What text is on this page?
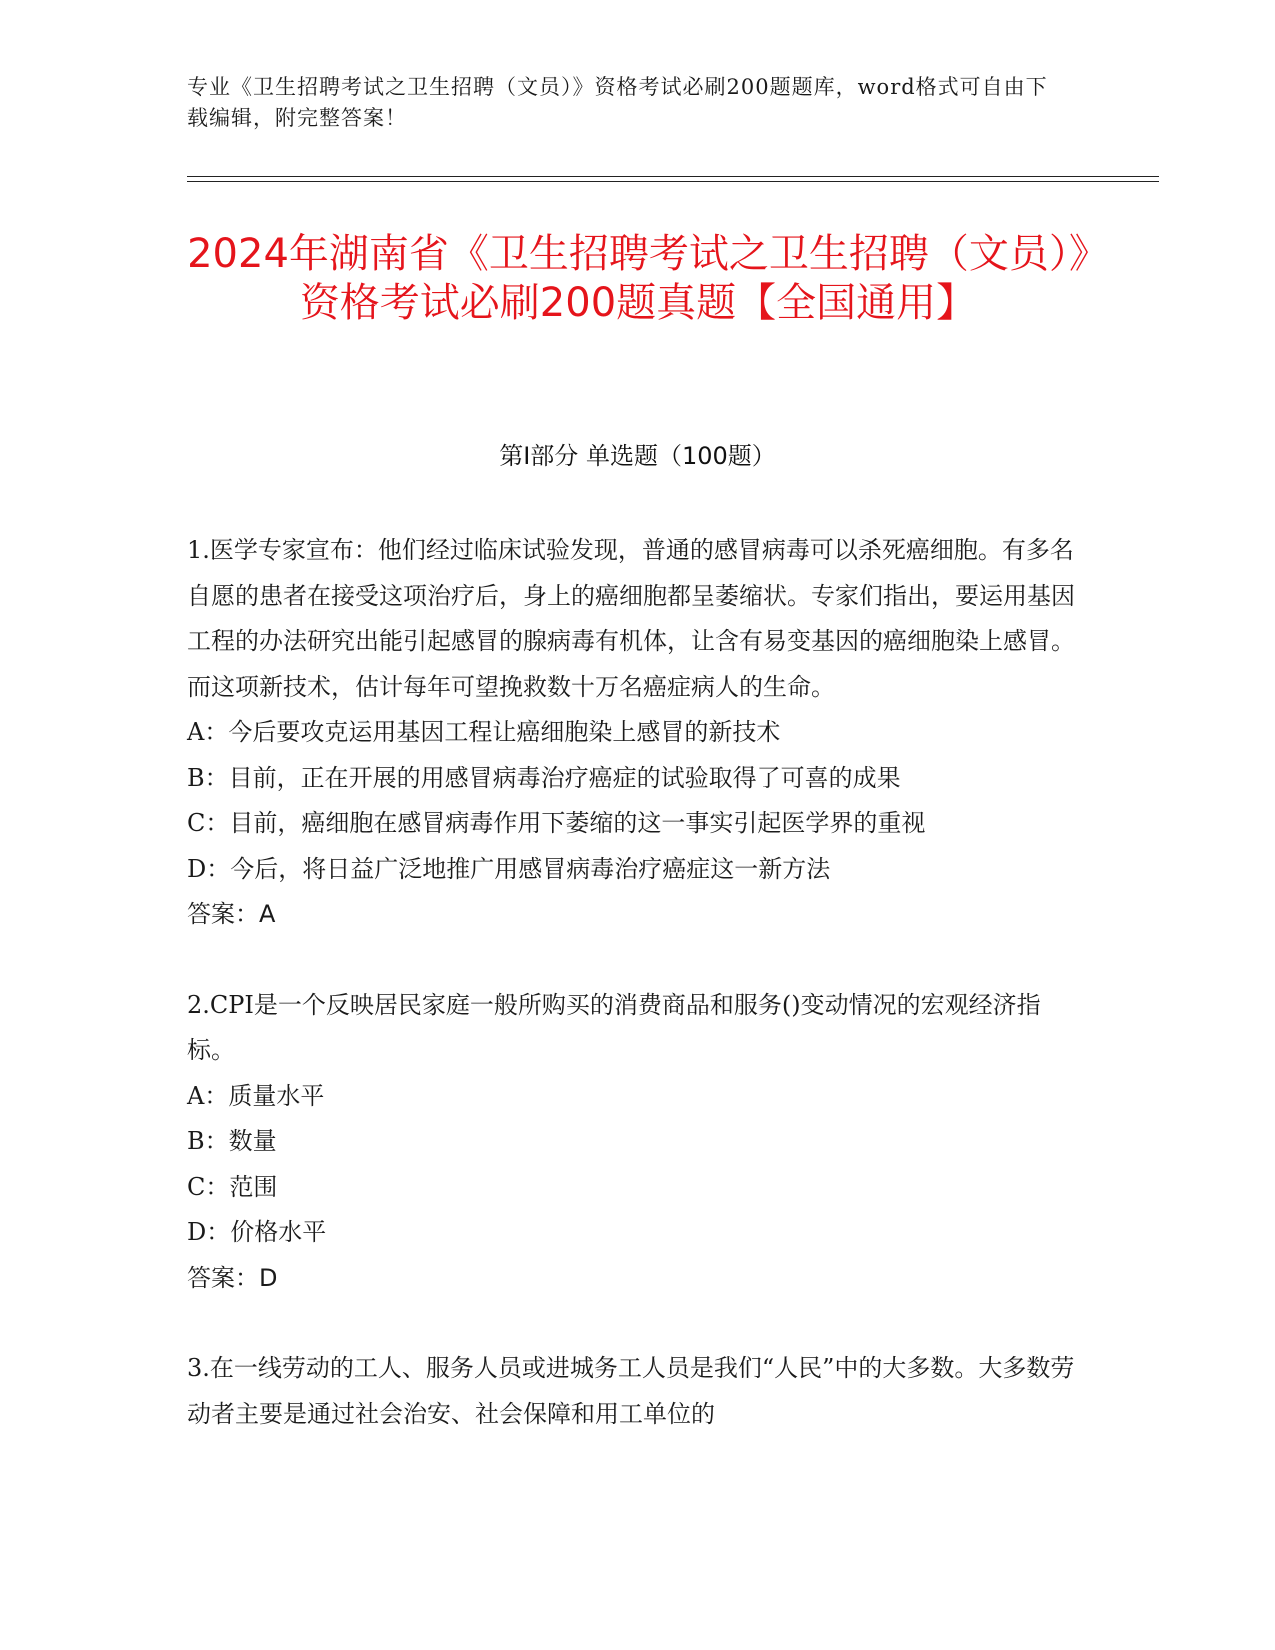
专业《卫生招聘考试之卫生招聘（文员）》资格考试必刷200题题库，word格式可自由下载编辑，附完整答案！
2024年湖南省《卫生招聘考试之卫生招聘（文员）》资格考试必刷200题真题【全国通用】
第I部分 单选题（100题）

1.医学专家宣布：他们经过临床试验发现，普通的感冒病毒可以杀死癌细胞。有多名自愿的患者在接受这项治疗后，身上的癌细胞都呈萎缩状。专家们指出，要运用基因工程的办法研究出能引起感冒的腺病毒有机体，让含有易变基因的癌细胞染上感冒。而这项新技术，估计每年可望挽救数十万名癌症病人的生命。

A：今后要攻克运用基因工程让癌细胞染上感冒的新技术

B：目前，正在开展的用感冒病毒治疗癌症的试验取得了可喜的成果

C：目前，癌细胞在感冒病毒作用下萎缩的这一事实引起医学界的重视

D：今后，将日益广泛地推广用感冒病毒治疗癌症这一新方法

答案：A

2.CPI是一个反映居民家庭一般所购买的消费商品和服务()变动情况的宏观经济指标。

A：质量水平

B：数量

C：范围

D：价格水平

答案：D

3.在一线劳动的工人、服务人员或进城务工人员是我们“人民”中的大多数。大多数劳动者主要是通过社会治安、社会保障和用工单位的
